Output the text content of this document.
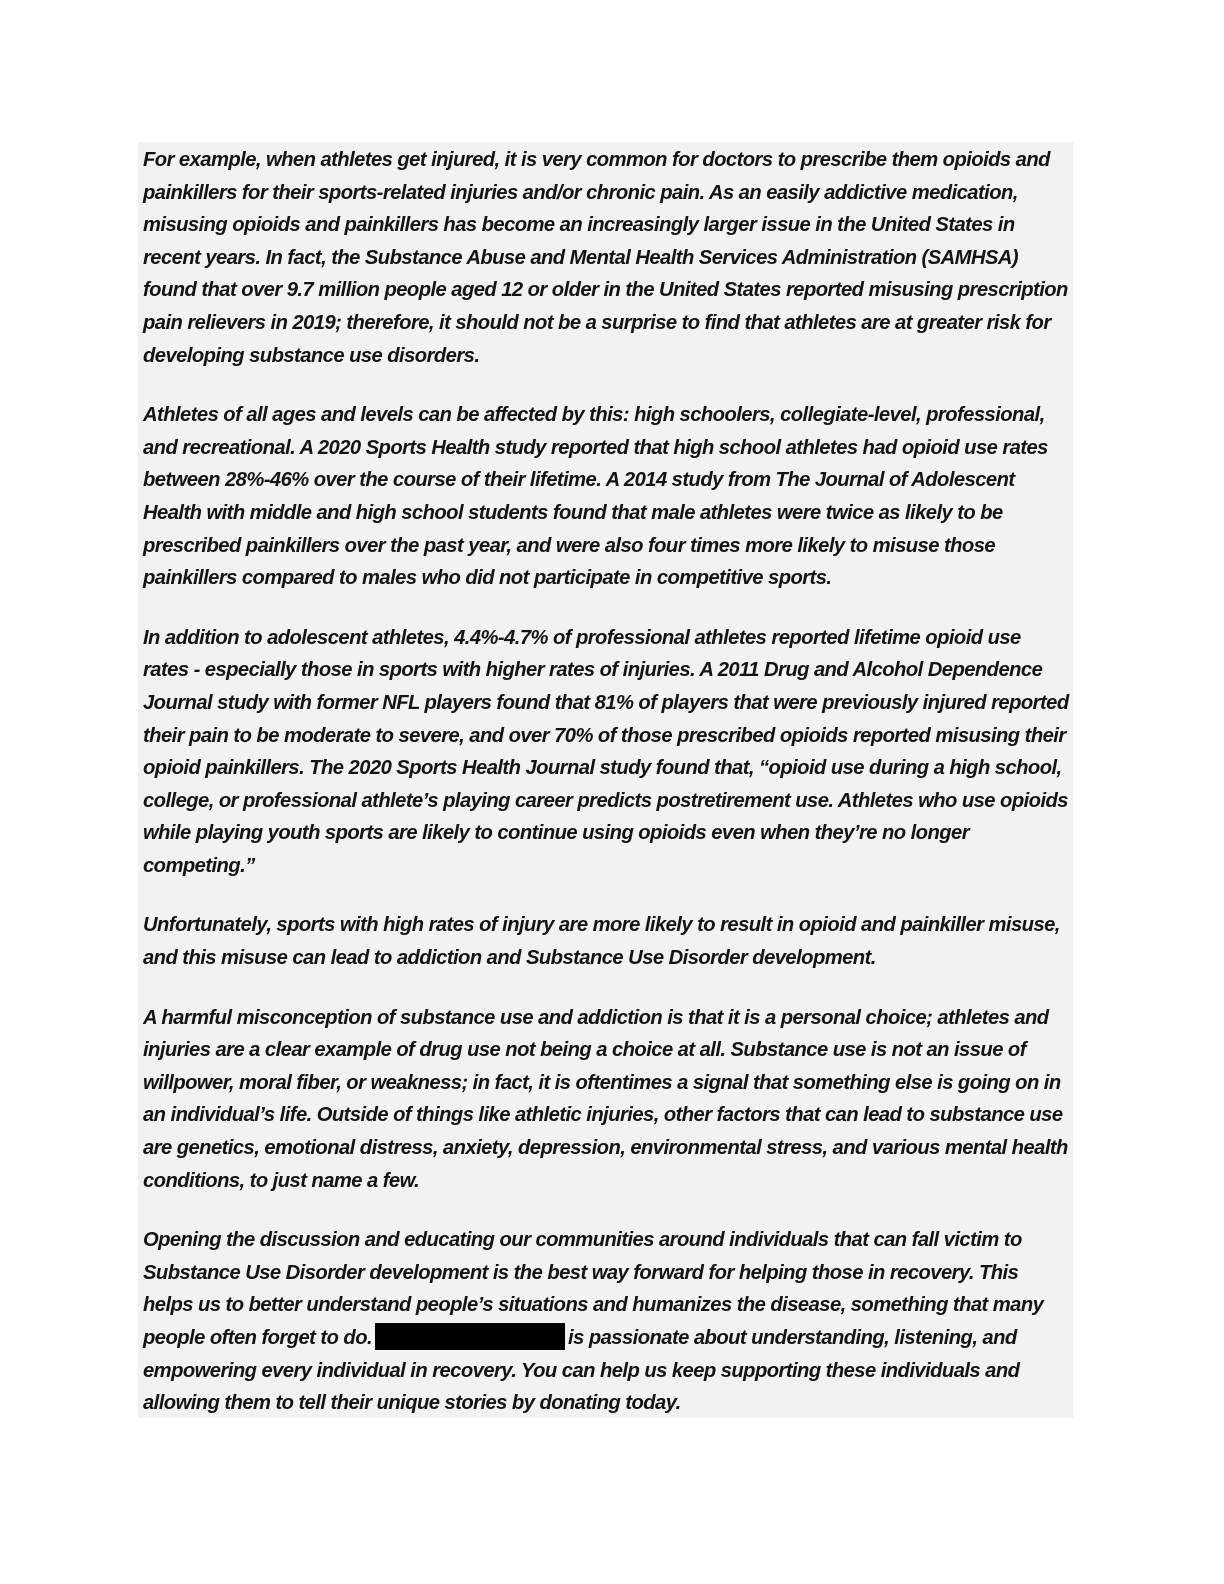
For example, when athletes get injured, it is very common for doctors to prescribe them opioids and painkillers for their sports-related injuries and/or chronic pain. As an easily addictive medication, misusing opioids and painkillers has become an increasingly larger issue in the United States in recent years. In fact, the Substance Abuse and Mental Health Services Administration (SAMHSA) found that over 9.7 million people aged 12 or older in the United States reported misusing prescription pain relievers in 2019; therefore, it should not be a surprise to find that athletes are at greater risk for developing substance use disorders.

Athletes of all ages and levels can be affected by this: high schoolers, collegiate-level, professional, and recreational. A 2020 Sports Health study reported that high school athletes had opioid use rates between 28%-46% over the course of their lifetime. A 2014 study from The Journal of Adolescent Health with middle and high school students found that male athletes were twice as likely to be prescribed painkillers over the past year, and were also four times more likely to misuse those painkillers compared to males who did not participate in competitive sports.

In addition to adolescent athletes, 4.4%-4.7% of professional athletes reported lifetime opioid use rates - especially those in sports with higher rates of injuries. A 2011 Drug and Alcohol Dependence Journal study with former NFL players found that 81% of players that were previously injured reported their pain to be moderate to severe, and over 70% of those prescribed opioids reported misusing their opioid painkillers. The 2020 Sports Health Journal study found that, “opioid use during a high school, college, or professional athlete’s playing career predicts postretirement use. Athletes who use opioids while playing youth sports are likely to continue using opioids even when they’re no longer competing.”

Unfortunately, sports with high rates of injury are more likely to result in opioid and painkiller misuse, and this misuse can lead to addiction and Substance Use Disorder development.

A harmful misconception of substance use and addiction is that it is a personal choice; athletes and injuries are a clear example of drug use not being a choice at all. Substance use is not an issue of willpower, moral fiber, or weakness; in fact, it is oftentimes a signal that something else is going on in an individual’s life. Outside of things like athletic injuries, other factors that can lead to substance use are genetics, emotional distress, anxiety, depression, environmental stress, and various mental health conditions, to just name a few.

Opening the discussion and educating our communities around individuals that can fall victim to Substance Use Disorder development is the best way forward for helping those in recovery. This helps us to better understand people’s situations and humanizes the disease, something that many people often forget to do.	is passionate about understanding, listening, and empowering every individual in recovery. You can help us keep supporting these individuals and allowing them to tell their unique stories by donating today.
